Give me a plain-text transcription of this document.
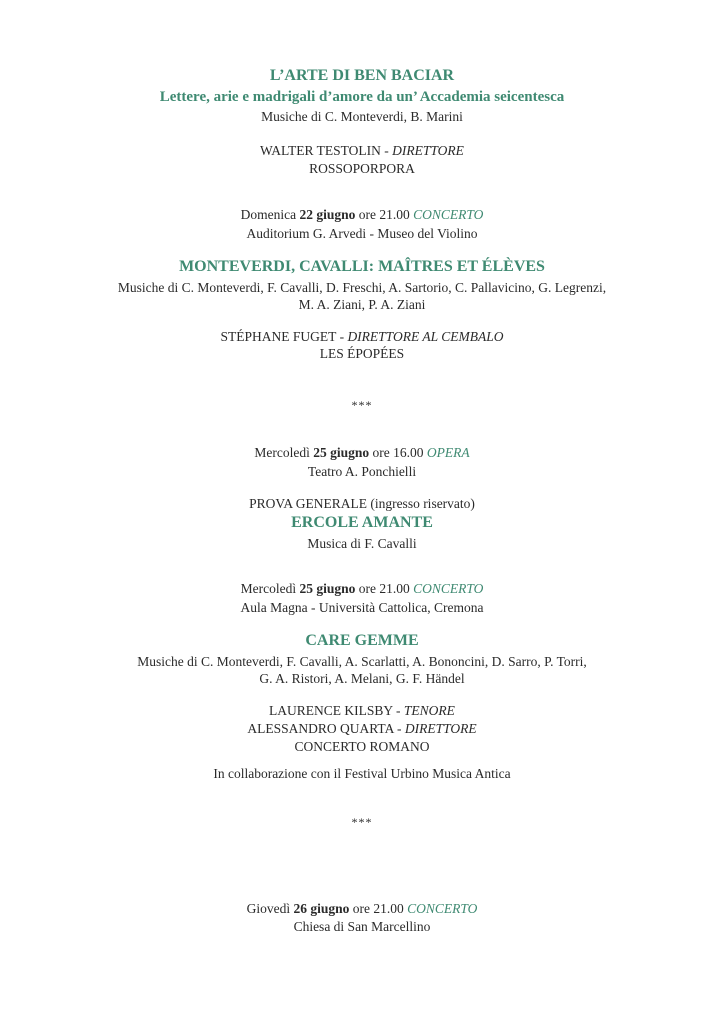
L’ARTE DI BEN BACIAR
Lettere, arie e madrigali d’amore da un’ Accademia seicentesca
Musiche di C. Monteverdi, B. Marini
WALTER TESTOLIN - DIRETTORE
ROSSOPORPORA
Domenica 22 giugno ore 21.00 CONCERTO
Auditorium G. Arvedi - Museo del Violino
MONTEVERDI, CAVALLI: MAÎTRES ET ÉLÈVES
Musiche di C. Monteverdi, F. Cavalli, D. Freschi, A. Sartorio, C. Pallavicino, G. Legrenzi,
M. A. Ziani, P. A. Ziani
STÉPHANE FUGET - DIRETTORE AL CEMBALO
LES ÉPOPÉES
***
Mercoledì 25 giugno ore 16.00 OPERA
Teatro A. Ponchielli
PROVA GENERALE (ingresso riservato)
ERCOLE AMANTE
Musica di F. Cavalli
Mercoledì 25 giugno ore 21.00 CONCERTO
Aula Magna - Università Cattolica, Cremona
CARE GEMME
Musiche di C. Monteverdi, F. Cavalli, A. Scarlatti, A. Bononcini, D. Sarro, P. Torri,
G. A. Ristori, A. Melani, G. F. Händel
LAURENCE KILSBY - TENORE
ALESSANDRO QUARTA - DIRETTORE
CONCERTO ROMANO
In collaborazione con il Festival Urbino Musica Antica
***
Giovedì 26 giugno ore 21.00 CONCERTO
Chiesa di San Marcellino
